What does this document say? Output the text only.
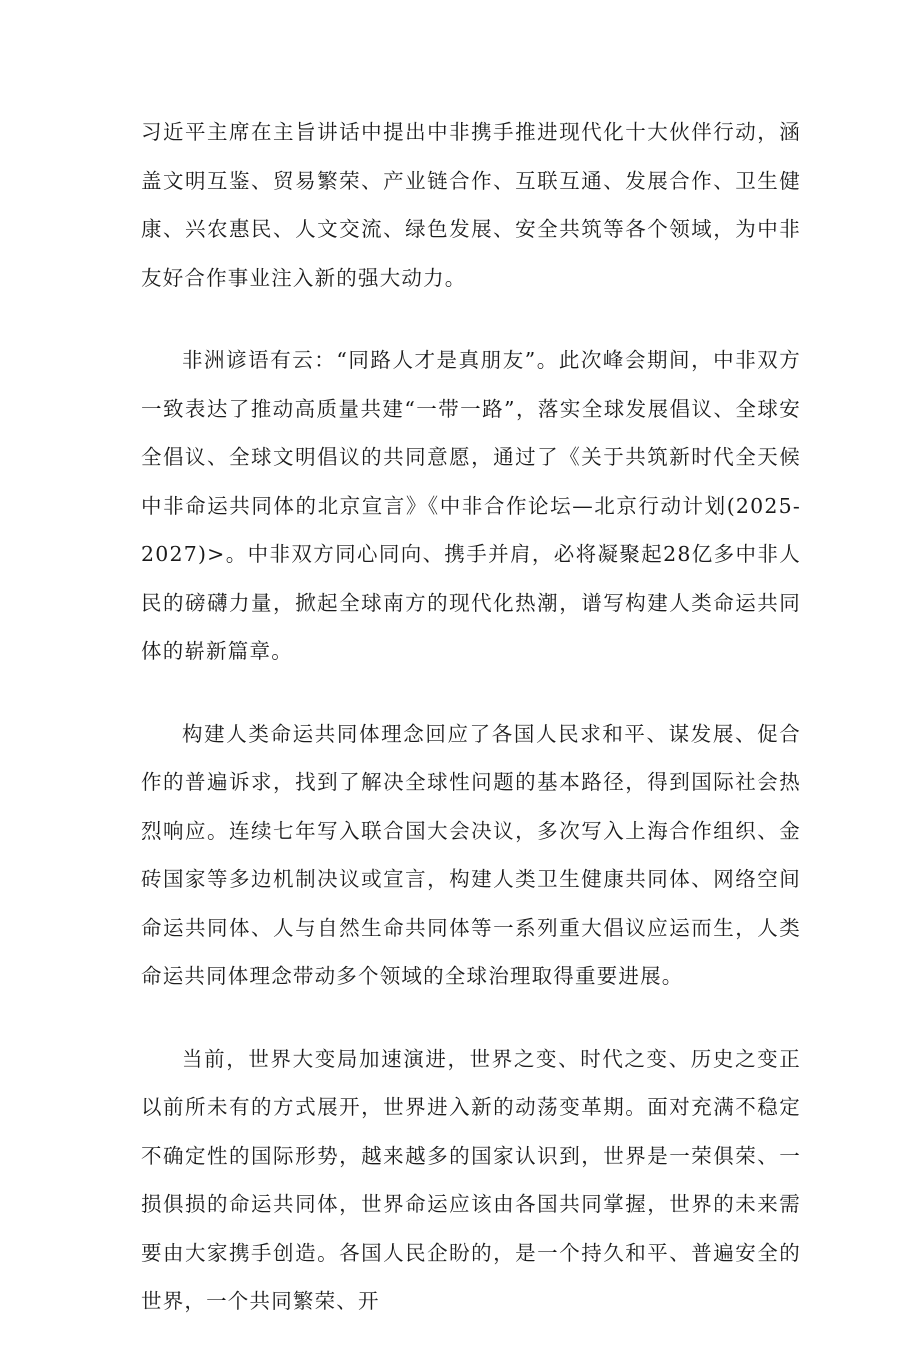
习近平主席在主旨讲话中提出中非携手推进现代化十大伙伴行动，涵盖文明互鉴、贸易繁荣、产业链合作、互联互通、发展合作、卫生健康、兴农惠民、人文交流、绿色发展、安全共筑等各个领域，为中非友好合作事业注入新的强大动力。

非洲谚语有云：“同路人才是真朋友”。此次峰会期间，中非双方一致表达了推动高质量共建“一带一路”，落实全球发展倡议、全球安全倡议、全球文明倡议的共同意愿，通过了《关于共筑新时代全天候中非命运共同体的北京宣言》《中非合作论坛—北京行动计划(2025-2027)>。中非双方同心同向、携手并肩，必将凝聚起28亿多中非人民的磅礴力量，掀起全球南方的现代化热潮，谱写构建人类命运共同体的崭新篇章。

构建人类命运共同体理念回应了各国人民求和平、谋发展、促合作的普遍诉求，找到了解决全球性问题的基本路径，得到国际社会热烈响应。连续七年写入联合国大会决议，多次写入上海合作组织、金砖国家等多边机制决议或宣言，构建人类卫生健康共同体、网络空间命运共同体、人与自然生命共同体等一系列重大倡议应运而生，人类命运共同体理念带动多个领域的全球治理取得重要进展。

当前，世界大变局加速演进，世界之变、时代之变、历史之变正以前所未有的方式展开，世界进入新的动荡变革期。面对充满不稳定不确定性的国际形势，越来越多的国家认识到，世界是一荣俱荣、一损俱损的命运共同体，世界命运应该由各国共同掌握，世界的未来需要由大家携手创造。各国人民企盼的，是一个持久和平、普遍安全的世界，一个共同繁荣、开
